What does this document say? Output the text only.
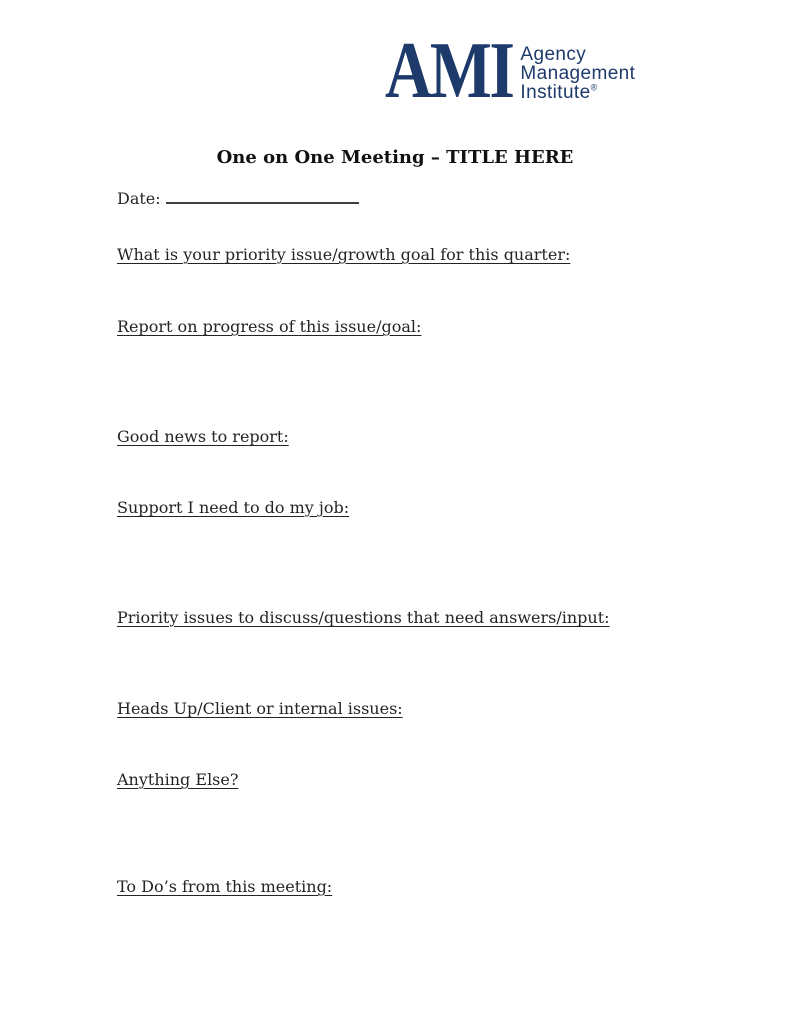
AMI Agency
Management
Institute®
One on One Meeting – TITLE HERE
Date:
What is your priority issue/growth goal for this quarter:
Report on progress of this issue/goal:
Good news to report:
Support I need to do my job:
Priority issues to discuss/questions that need answers/input:
Heads Up/Client or internal issues:
Anything Else?
To Do’s from this meeting:
